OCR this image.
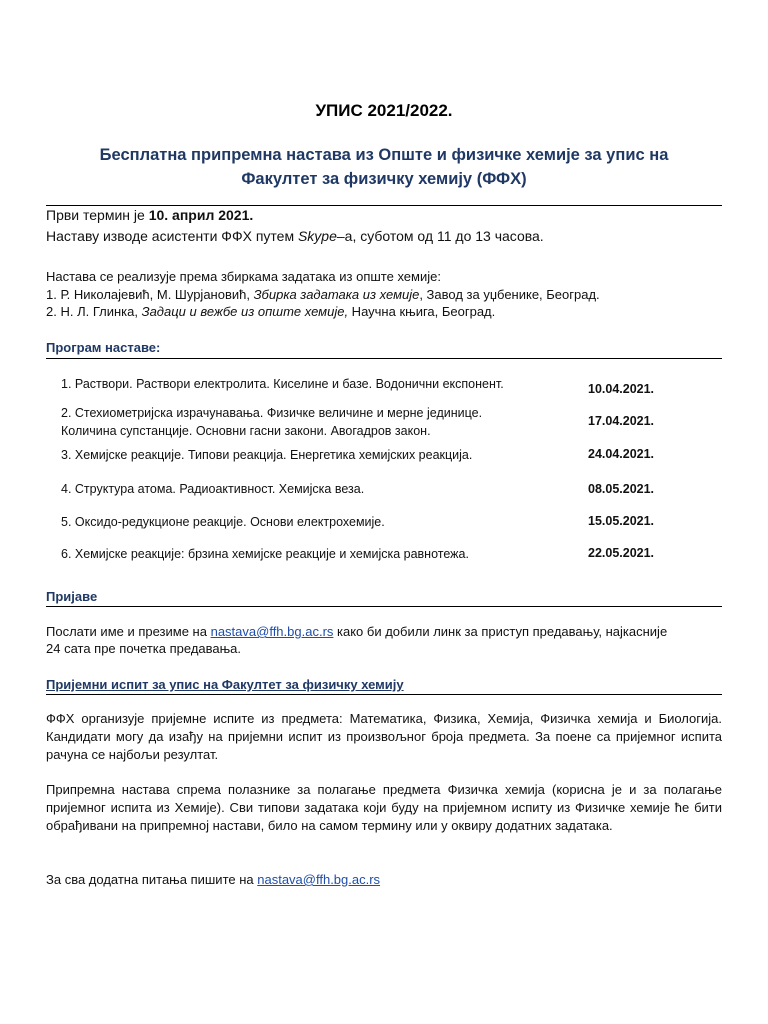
УПИС 2021/2022.
Бесплатна припремна настава из Опште и физичке хемије за упис на
Факултет за физичку хемију (ФФХ)
Први термин је 10. април 2021.
Наставу изводе асистенти ФФХ путем Skype–а, суботом од 11 до 13 часова.
Настава се реализује према збиркама задатака из опште хемије:
1. Р. Николајевић, М. Шурјановић, Збирка задатака из хемије, Завод за уџбенике, Београд.
2. Н. Л. Глинка, Задаци и вежбе из опште хемије, Научна књига, Београд.
Програм наставе:
1. Раствори. Раствори електролита. Киселине и базе. Водонични експонент.	10.04.2021.
2. Стехиометријска израчунавања. Физичке величине и мерне јединице.
Количина супстанције. Основни гасни закони. Авогадров закон.
17.04.2021.
3. Хемијске реакције. Типови реакција. Енергетика хемијских реакција.	24.04.2021.
4. Структура атома. Радиоактивност. Хемијска веза.	08.05.2021.
5. Оксидо-редукционе реакције. Основи електрохемије.	15.05.2021.
6. Хемијске реакције: брзина хемијске реакције и хемијска равнотежа.	22.05.2021.
Пријаве
Послати име и презиме на nastava@ffh.bg.ac.rs како би добили линк за приступ предавању, најкасније
24 сата пре почетка предавања.
Пријемни испит за упис на Факултет за физичку хемију
ФФХ организује пријемне испите из предмета: Математика, Физика, Хемија, Физичка хемија и Биологија. Кандидати могу да изађу на пријемни испит из произвољног броја предмета. За поене са пријемног испита рачуна се најбољи резултат.
Припремна настава спрема полазнике за полагање предмета Физичка хемија (корисна је и за полагање пријемног испита из Хемије). Сви типови задатака који буду на пријемном испиту из Физичке хемије ће бити обрађивани на припремној настави, било на самом термину или у оквиру додатних задатака.
За сва додатна питања пишите на nastava@ffh.bg.ac.rs
